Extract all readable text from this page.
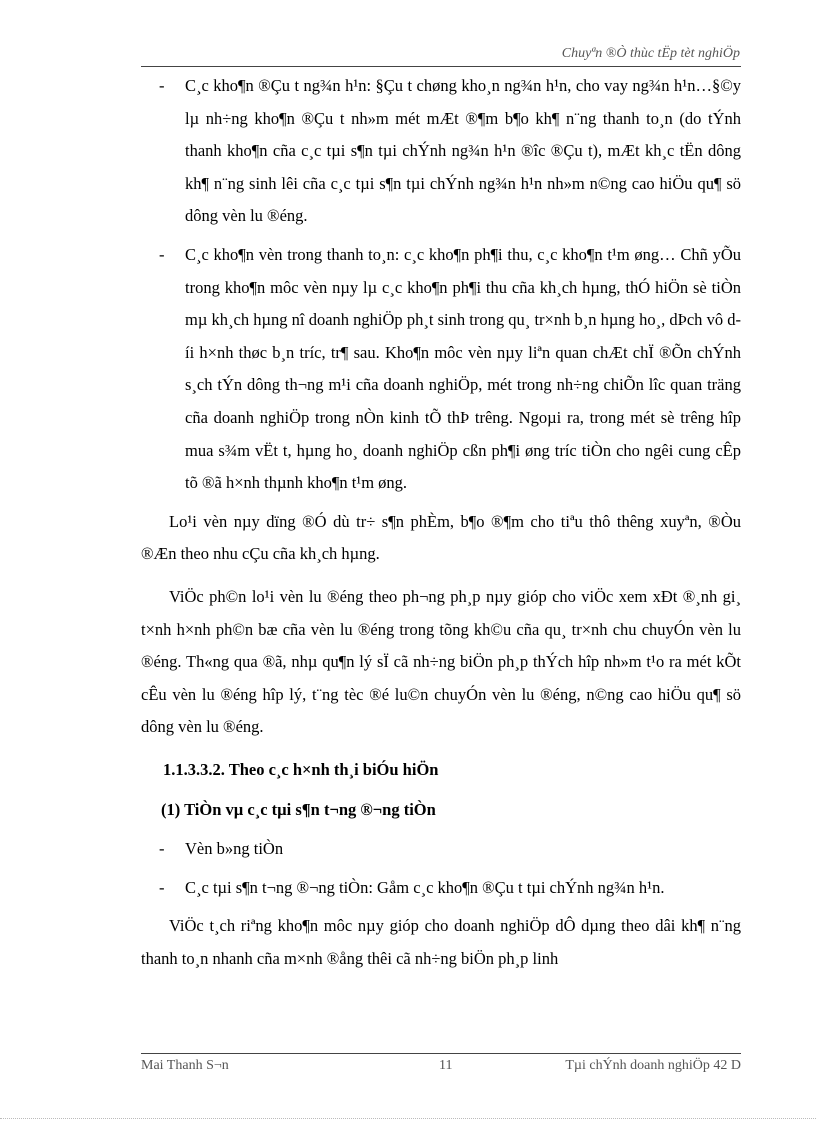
Chuyªn ®Ò thùc tËp tèt nghiÖp

- C¸c kho¶n ®Çu t ng¾n h¹n: §Çu t chøng kho¸n ng¾n h¹n, cho vay ng¾n h¹n…§©y lµ nh÷ng kho¶n ®Çu t nh»m mét mÆt ®¶m b¶o kh¶ n¨ng thanh to¸n (do tÝnh thanh kho¶n cña c¸c tµi s¶n tµi chÝnh ng¾n h¹n ®îc ®Çu t), mÆt kh¸c tËn dông kh¶ n¨ng sinh lêi cña c¸c tµi s¶n tµi chÝnh ng¾n h¹n nh»m n©ng cao hiÖu qu¶ sö dông vèn lu ®éng.

- C¸c kho¶n vèn trong thanh to¸n: c¸c kho¶n ph¶i thu, c¸c kho¶n t¹m øng… Chñ yÕu trong kho¶n môc vèn nµy lµ c¸c kho¶n ph¶i thu cña kh¸ch hµng, thÓ hiÖn sè tiÒn mµ kh¸ch hµng nî doanh nghiÖp ph¸t sinh trong qu¸ tr×nh b¸n hµng ho¸, dÞch vô díi h×nh thøc b¸n tríc, tr¶ sau. Kho¶n môc vèn nµy liªn quan chÆt chÏ ®Õn chÝnh s¸ch tÝn dông th¬ng m¹i cña doanh nghiÖp, mét trong nh÷ng chiÕn lîc quan träng cña doanh nghiÖp trong nÒn kinh tÕ thÞ trêng. Ngoµi ra, trong mét sè trêng hîp mua s¾m vËt t, hµng ho¸ doanh nghiÖp cßn ph¶i øng tríc tiÒn cho ngêi cung cÊp tõ ®ã h×nh thµnh kho¶n t¹m øng.

Lo¹i vèn nµy dïng ®Ó dù tr÷ s¶n phÈm, b¶o ®¶m cho tiªu thô thêng xuyªn, ®Òu ®Æn theo nhu cÇu cña kh¸ch hµng.

ViÖc ph©n lo¹i vèn lu ®éng theo ph¬ng ph¸p nµy gióp cho viÖc xem xÐt ®¸nh gi¸ t×nh h×nh ph©n bæ cña vèn lu ®éng trong tõng kh©u cña qu¸ tr×nh chu chuyÓn vèn lu ®éng. Th«ng qua ®ã, nhµ qu¶n lý sÏ cã nh÷ng biÖn ph¸p thÝch hîp nh»m t¹o ra mét kÕt cÊu vèn lu ®éng hîp lý, t¨ng tèc ®é lu©n chuyÓn vèn lu ®éng, n©ng cao hiÖu qu¶ sö dông vèn lu ®éng.

1.1.3.3.2. Theo c¸c h×nh th¸i biÓu hiÖn
(1) TiÒn vµ c¸c tµi s¶n t¬ng ®¬ng tiÒn

- Vèn b»ng tiÒn

- C¸c tµi s¶n t¬ng ®¬ng tiÒn: Gåm c¸c kho¶n ®Çu t tµi chÝnh ng¾n h¹n.

ViÖc t¸ch riªng kho¶n môc nµy gióp cho doanh nghiÖp dÔ dµng theo dâi kh¶ n¨ng thanh to¸n nhanh cña m×nh ®ång thêi cã nh÷ng biÖn ph¸p linh

Mai Thanh S¬n	11	Tµi chÝnh doanh nghiÖp 42 D
